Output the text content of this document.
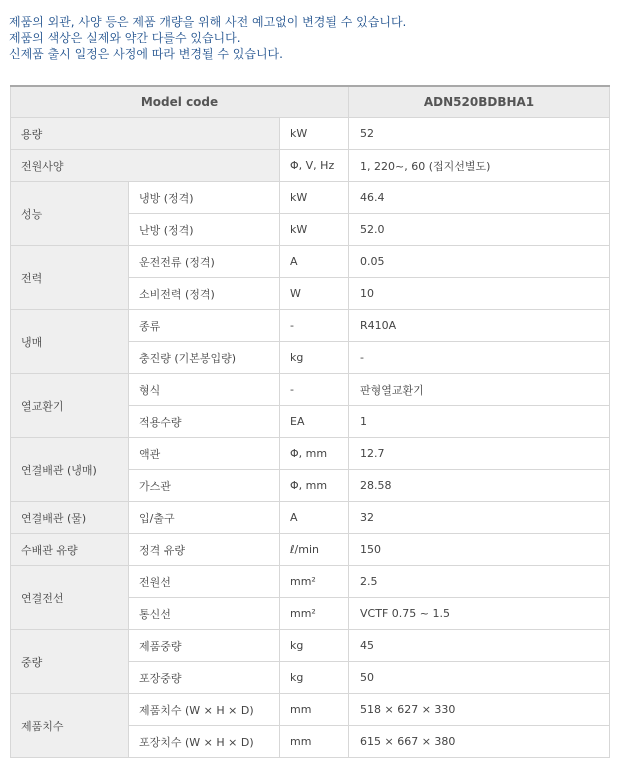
제품의 외관, 사양 등은 제품 개량을 위해 사전 예고없이 변경될 수 있습니다.
제품의 색상은 실제와 약간 다를수 있습니다.
신제품 출시 일정은 사정에 따라 변경될 수 있습니다.
Model code			ADN520BDBHA1
용량		kW	52
전원사양		Φ, V, Hz	1, 220~, 60 (접지선별도)
성능	냉방 (정격)	kW	46.4
	난방 (정격)	kW	52.0
전력	운전전류 (정격)	A	0.05
	소비전력 (정격)	W	10
냉매	종류	-	R410A
	충진량 (기본봉입량)	kg	-
열교환기	형식	-	판형열교환기
	적용수량	EA	1
연결배관 (냉매)	액관	Φ, mm	12.7
	가스관	Φ, mm	28.58
연결배관 (물)	입/출구	A	32
수배관 유량	정격 유량	ℓ/min	150
연결전선	전원선	mm²	2.5
	통신선	mm²	VCTF 0.75 ~ 1.5
중량	제품중량	kg	45
	포장중량	kg	50
제품치수	제품치수 (W × H × D)	mm	518 × 627 × 330
	포장치수 (W × H × D)	mm	615 × 667 × 380
